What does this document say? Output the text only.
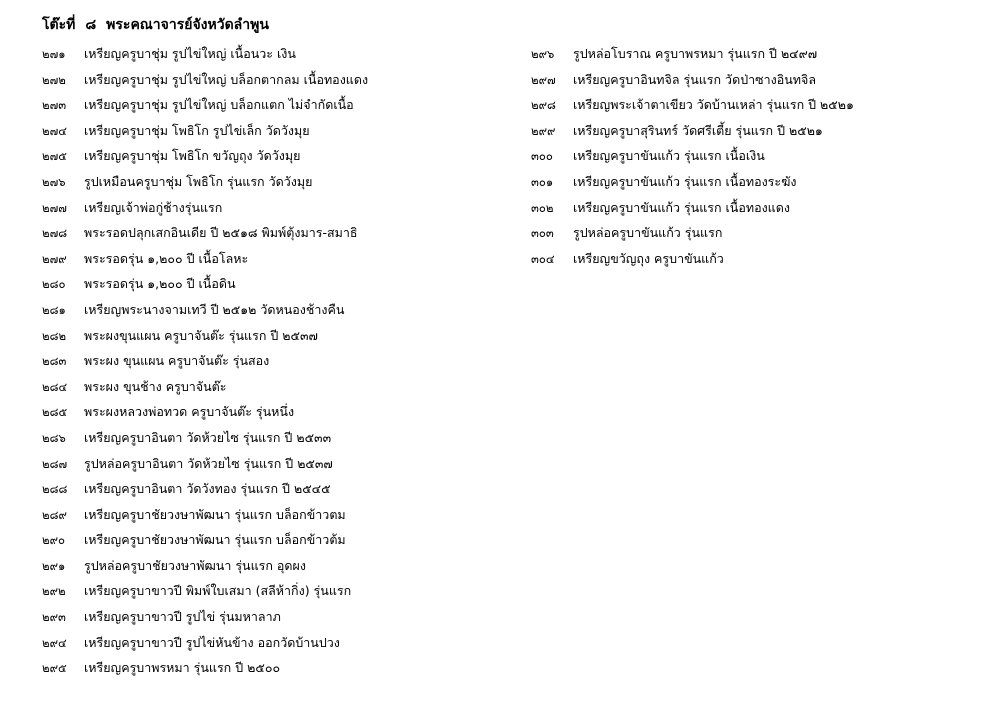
โต๊ะที่ ๘ พระคณาจารย์จังหวัดลำพูน
๒๗๑ เหรียญครูบาชุ่ม รูปไข่ใหญ่ เนื้อนวะ เงิน
๒๗๒ เหรียญครูบาชุ่ม รูปไข่ใหญ่ บล็อกตากลม เนื้อทองแดง
๒๗๓ เหรียญครูบาชุ่ม รูปไข่ใหญ่ บล็อกแตก ไม่จำกัดเนื้อ
๒๗๔ เหรียญครูบาชุ่ม โพธิโก รูปไข่เล็ก วัดวังมุย
๒๗๕ เหรียญครูบาชุ่ม โพธิโก ขวัญถุง วัดวังมุย
๒๗๖ รูปเหมือนครูบาชุ่ม โพธิโก รุ่นแรก วัดวังมุย
๒๗๗ เหรียญเจ้าพ่อกู่ช้างรุ่นแรก
๒๗๘ พระรอดปลุกเสกอินเดีย ปี ๒๕๑๘ พิมพ์ตุ้งมาร-สมาธิ
๒๗๙ พระรอดรุ่น ๑,๒๐๐ ปี เนื้อโลหะ
๒๘๐ พระรอดรุ่น ๑,๒๐๐ ปี เนื้อดิน
๒๘๑ เหรียญพระนางจามเทวี ปี ๒๕๑๒ วัดหนองช้างคืน
๒๘๒ พระผงขุนแผน ครูบาจันต๊ะ รุ่นแรก ปี ๒๕๓๗
๒๘๓ พระผง ขุนแผน ครูบาจันต๊ะ รุ่นสอง
๒๘๔ พระผง ขุนช้าง ครูบาจันต๊ะ
๒๘๕ พระผงหลวงพ่อทวด ครูบาจันต๊ะ รุ่นหนึ่ง
๒๘๖ เหรียญครูบาอินตา วัดห้วยไซ รุ่นแรก ปี ๒๕๓๓
๒๘๗ รูปหล่อครูบาอินตา วัดห้วยไซ รุ่นแรก ปี ๒๕๓๗
๒๘๘ เหรียญครูบาอินตา วัดวังทอง รุ่นแรก ปี ๒๕๔๕
๒๘๙ เหรียญครูบาชัยวงษาพัฒนา รุ่นแรก บล็อกข้าวตม
๒๙๐ เหรียญครูบาชัยวงษาพัฒนา รุ่นแรก บล็อกข้าวต้ม
๒๙๑ รูปหล่อครูบาชัยวงษาพัฒนา รุ่นแรก อุดผง
๒๙๒ เหรียญครูบาขาวปี พิมพ์ใบเสมา (สลีห้ากิ่ง) รุ่นแรก
๒๙๓ เหรียญครูบาขาวปี รูปไข่ รุ่นมหาลาภ
๒๙๔ เหรียญครูบาขาวปี รูปไข่หันข้าง ออกวัดบ้านปวง
๒๙๕ เหรียญครูบาพรหมา รุ่นแรก ปี ๒๕๐๐
๒๙๖ รูปหล่อโบราณ ครูบาพรหมา รุ่นแรก ปี ๒๔๙๗
๒๙๗ เหรียญครูบาอินทจิล รุ่นแรก วัดป่าซางอินทจิล
๒๙๘ เหรียญพระเจ้าตาเขียว วัดบ้านเหล่า รุ่นแรก ปี ๒๕๒๑
๒๙๙ เหรียญครูบาสุรินทร์ วัดศรีเตี้ย รุ่นแรก ปี ๒๕๒๑
๓๐๐ เหรียญครูบาขันแก้ว รุ่นแรก เนื้อเงิน
๓๐๑ เหรียญครูบาขันแก้ว รุ่นแรก เนื้อทองระฆัง
๓๐๒ เหรียญครูบาขันแก้ว รุ่นแรก เนื้อทองแดง
๓๐๓ รูปหล่อครูบาขันแก้ว รุ่นแรก
๓๐๔ เหรียญขวัญถุง ครูบาขันแก้ว
